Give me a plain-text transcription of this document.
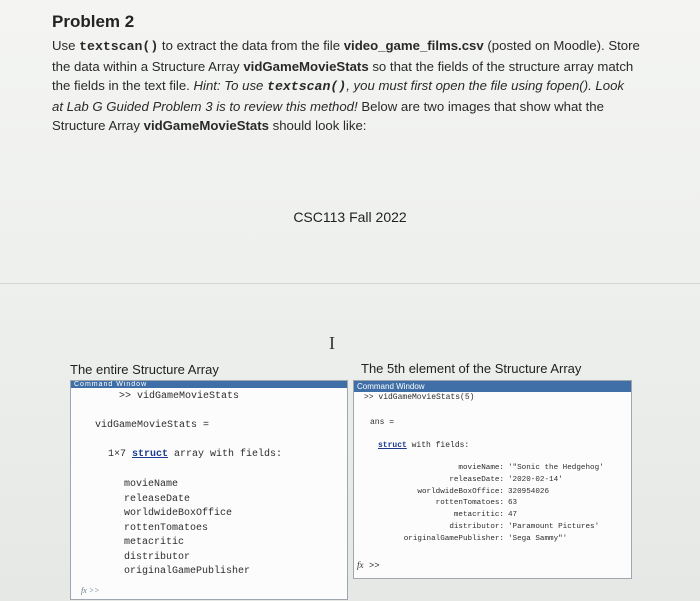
Problem 2
Use textscan() to extract the data from the file video_game_films.csv (posted on Moodle). Store
the data within a Structure Array vidGameMovieStats so that the fields of the structure array match
the fields in the text file. Hint: To use textscan(), you must first open the file using fopen(). Look
at Lab G Guided Problem 3 is to review this method! Below are two images that show what the
Structure Array vidGameMovieStats should look like:
CSC113 Fall 2022
I
The entire Structure Array
Command Window
>> vidGameMovieStats
vidGameMovieStats =
1×7 struct array with fields:
movieName
releaseDate
worldwideBoxOffice
rottenTomatoes
metacritic
distributor
originalGamePublisher
fx >>
The 5th element of the Structure Array
Command Window
>> vidGameMovieStats(5)
ans =
struct with fields:
movieName: '"Sonic the Hedgehog'
releaseDate: '2020-02-14'
worldwideBoxOffice: 320954026
rottenTomatoes: 63
metacritic: 47
distributor: 'Paramount Pictures'
originalGamePublisher: 'Sega Sammy"'
fx >>
